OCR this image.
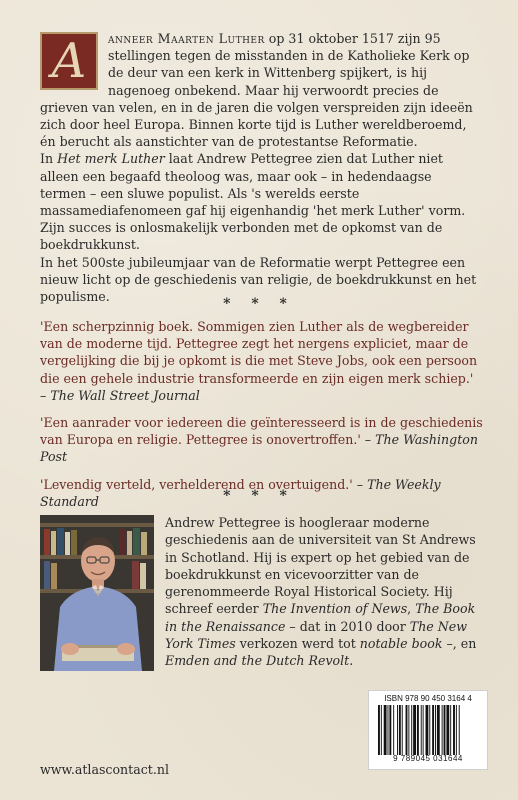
A	anneer Maarten Luther op 31 oktober 1517 zijn 95 stellingen tegen de misstanden in de Katholieke Kerk op de deur van een kerk in Wittenberg spijkert, is hij nagenoeg onbekend. Maar hij verwoordt precies de grieven van velen, en in de jaren die volgen verspreiden zijn ideeën zich door heel Europa. Binnen korte tijd is Luther wereldberoemd, én berucht als aanstichter van de protestantse Reformatie.

In Het merk Luther laat Andrew Pettegree zien dat Luther niet alleen een begaafd theoloog was, maar ook – in hedendaagse termen – een sluwe populist. Als 's werelds eerste massamediafenomeen gaf hij eigenhandig 'het merk Luther' vorm. Zijn succes is onlosmakelijk verbonden met de opkomst van de boekdrukkunst.

In het 500ste jubileumjaar van de Reformatie werpt Pettegree een nieuw licht op de geschiedenis van religie, de boekdrukkunst en het populisme.	* * *

'Een scherpzinnig boek. Sommigen zien Luther als de wegbereider van de moderne tijd. Pettegree zegt het nergens expliciet, maar de vergelijking die bij je opkomt is die met Steve Jobs, ook een persoon die een gehele industrie transformeerde en zijn eigen merk schiep.'
– The Wall Street Journal

'Een aanrader voor iedereen die geïnteresseerd is in de geschiedenis van Europa en religie. Pettegree is onovertroffen.' – The Washington Post

'Levendig verteld, verhelderend en overtuigend.' – The Weekly Standard	* * *
Andrew Pettegree is hoogleraar moderne geschiedenis aan de universiteit van St Andrews in Schotland. Hij is expert op het gebied van de boekdrukkunst en vicevoorzitter van de gerenommeerde Royal Historical Society. Hij schreef eerder The Invention of News, The Book in the Renaissance – dat in 2010 door The New York Times verkozen werd tot notable book –, en Emden and the Dutch Revolt.
ISBN 978 90 450 3164 4
9 789045 031644
www.atlascontact.nl
